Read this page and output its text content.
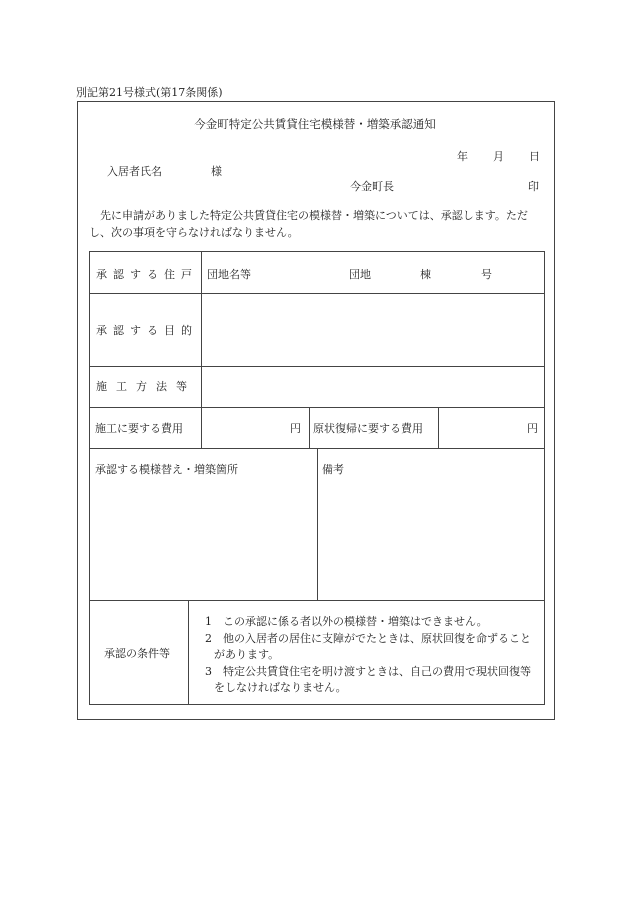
別記第21号様式(第17条関係)
今金町特定公共賃貸住宅模様替・増築承認通知
年 月 日
入居者氏名	様
今金町長	印

先に申請がありました特定公共賃貸住宅の模様替・増築については、承認します。ただし、次の事項を守らなければなりません。

承認する住戸 団地名等	団地	棟	号
承認する目的
施工方法等
施工に要する費用	円 原状復帰に要する費用	円
承認する模様替え・増築箇所	備考
承認の条件等
1　この承認に係る者以外の模様替・増築はできません。
2　他の入居者の居住に支障がでたときは、原状回復を命ずることがあります。
3　特定公共賃貸住宅を明け渡すときは、自己の費用で現状回復等をしなければなりません。
